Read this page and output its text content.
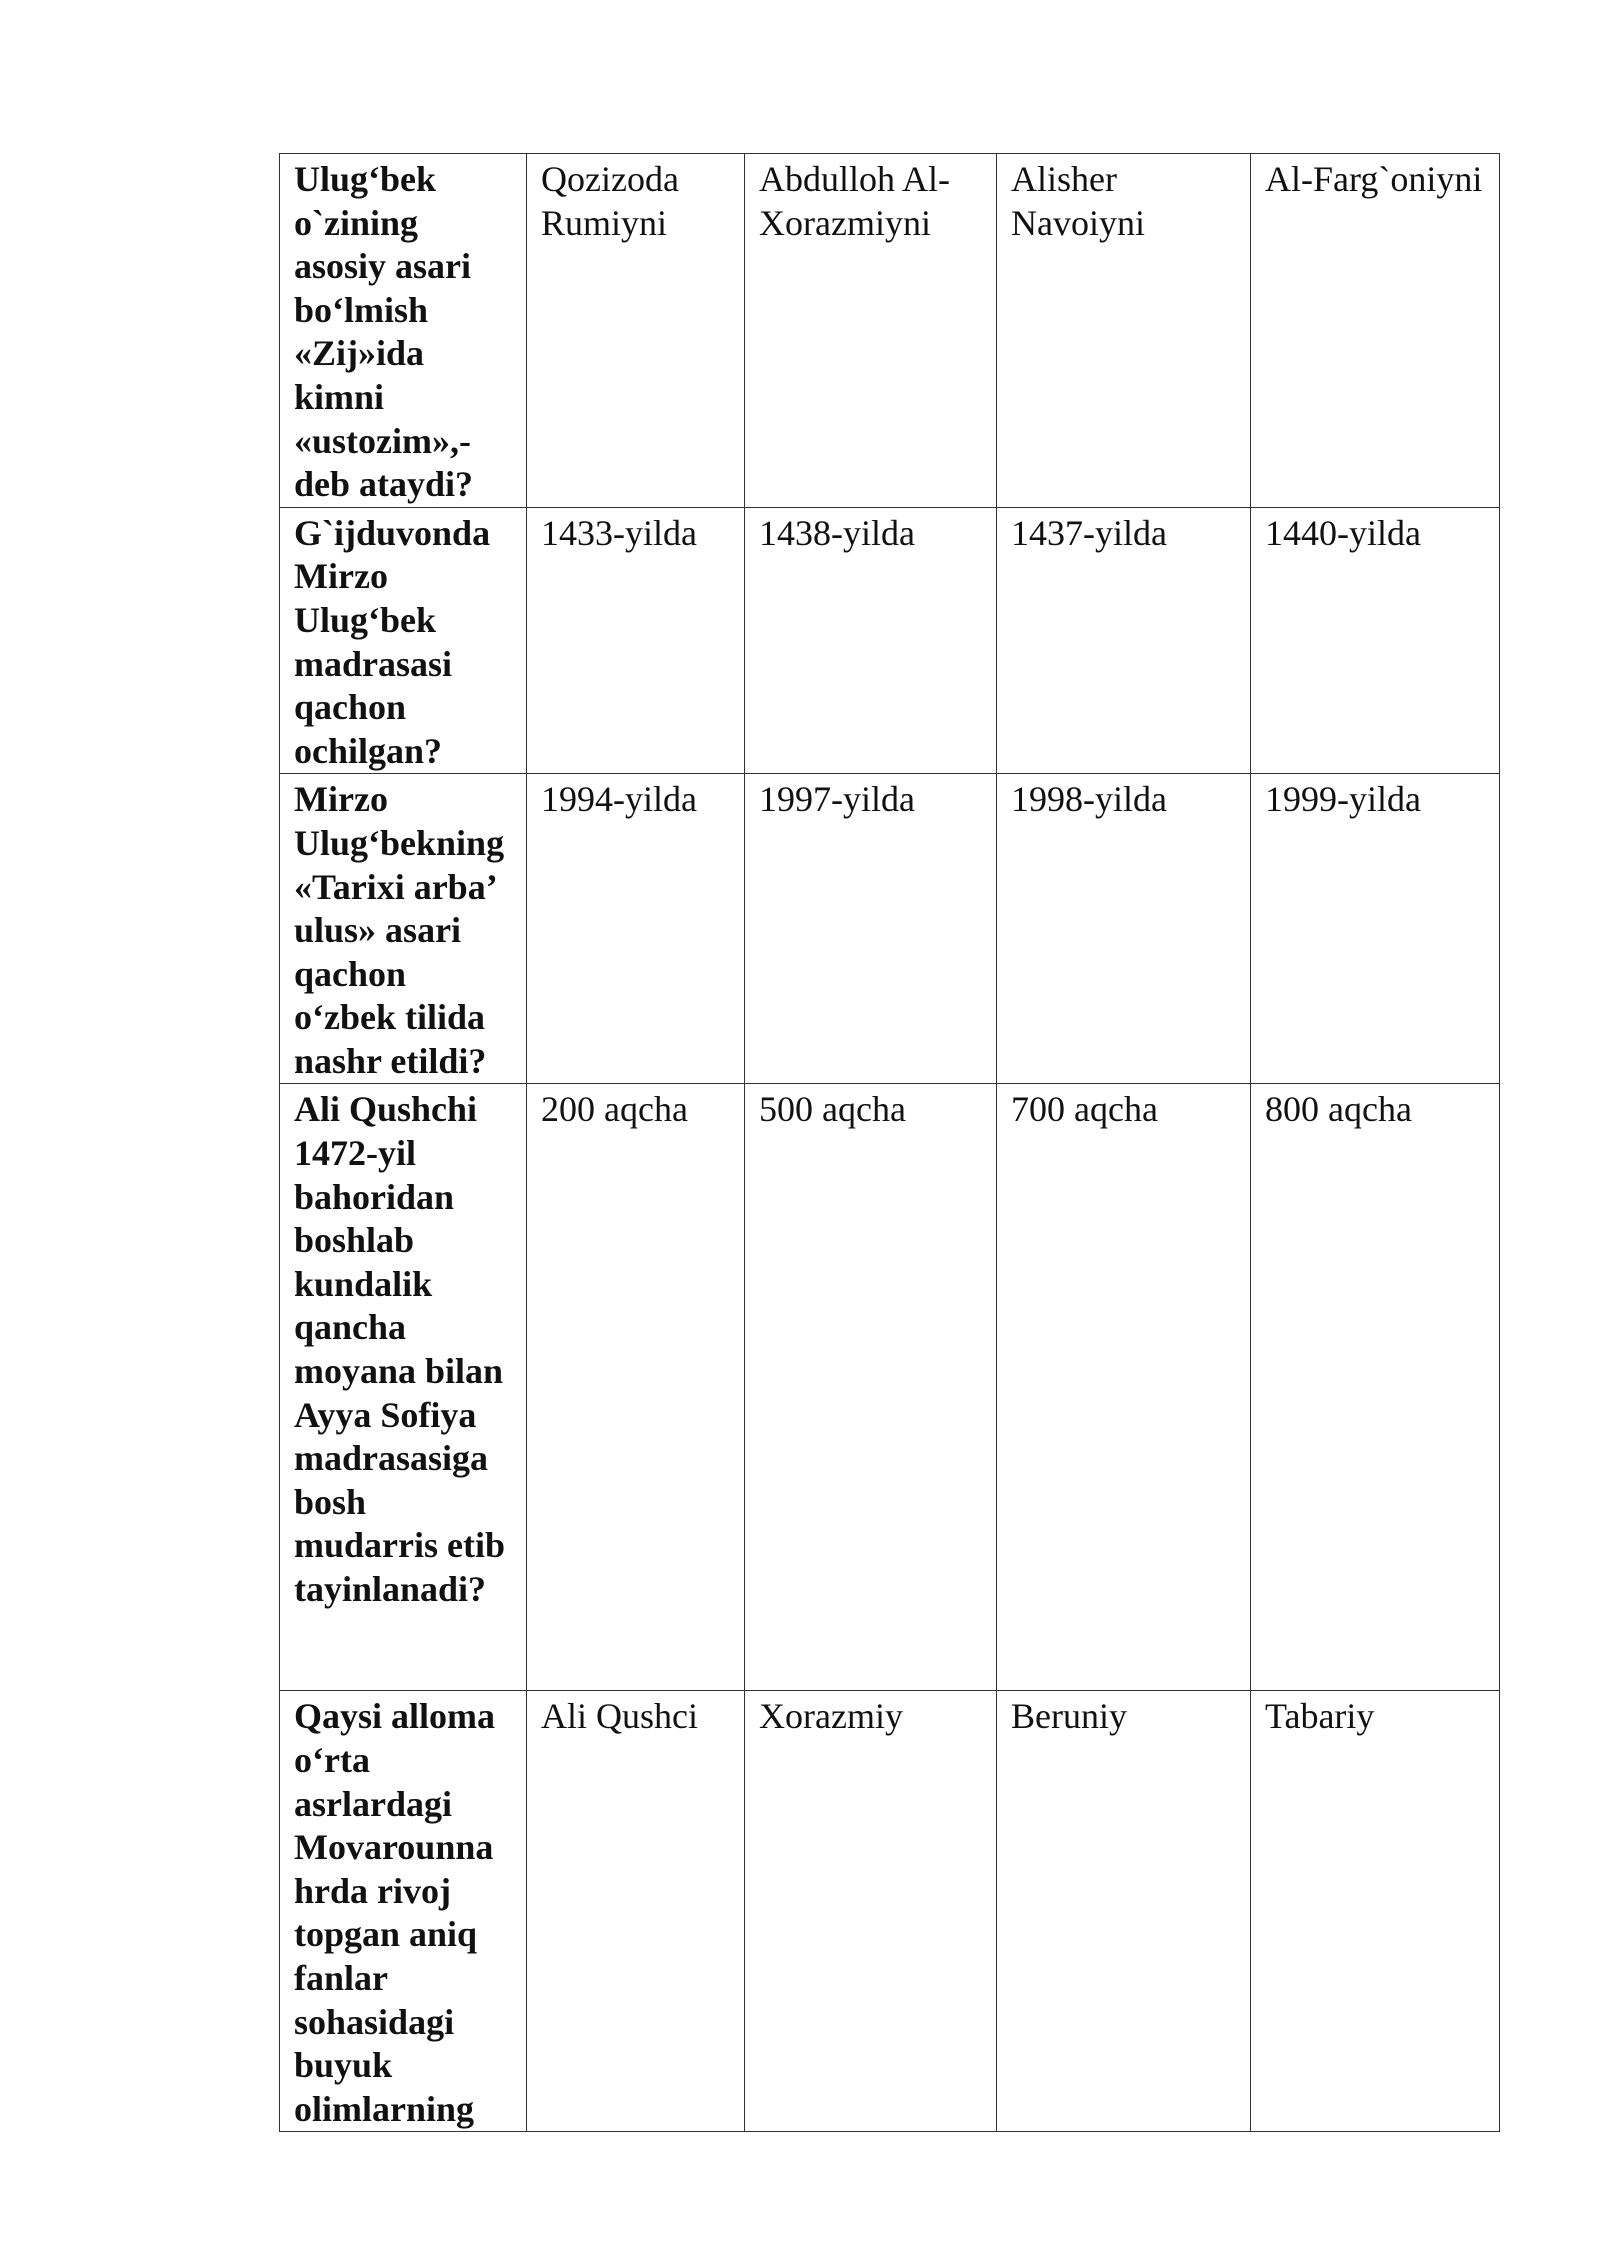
Ulug‘bek o`zining asosiy asari bo‘lmish «Zij»ida kimni «ustozim»,- deb ataydi?	Qozizoda Rumiyni	Abdulloh Al-Xorazmiyni	Alisher Navoiyni	Al-Farg`oniyni
G`ijduvonda Mirzo Ulug‘bek madrasasi qachon ochilgan?	1433-yilda	1438-yilda	1437-yilda	1440-yilda
Mirzo Ulug‘bekning «Tarixi arba’ ulus» asari qachon o‘zbek tilida nashr etildi?	1994-yilda	1997-yilda	1998-yilda	1999-yilda
Ali Qushchi 1472-yil bahoridan boshlab kundalik qancha moyana bilan Ayya Sofiya madrasasiga bosh mudarris etib tayinlanadi?	200 aqcha	500 aqcha	700 aqcha	800 aqcha
Qaysi alloma o‘rta asrlardagi Movarounnahrda rivoj topgan aniq fanlar sohasidagi buyuk olimlarning	Ali Qushci	Xorazmiy	Beruniy	Tabariy
